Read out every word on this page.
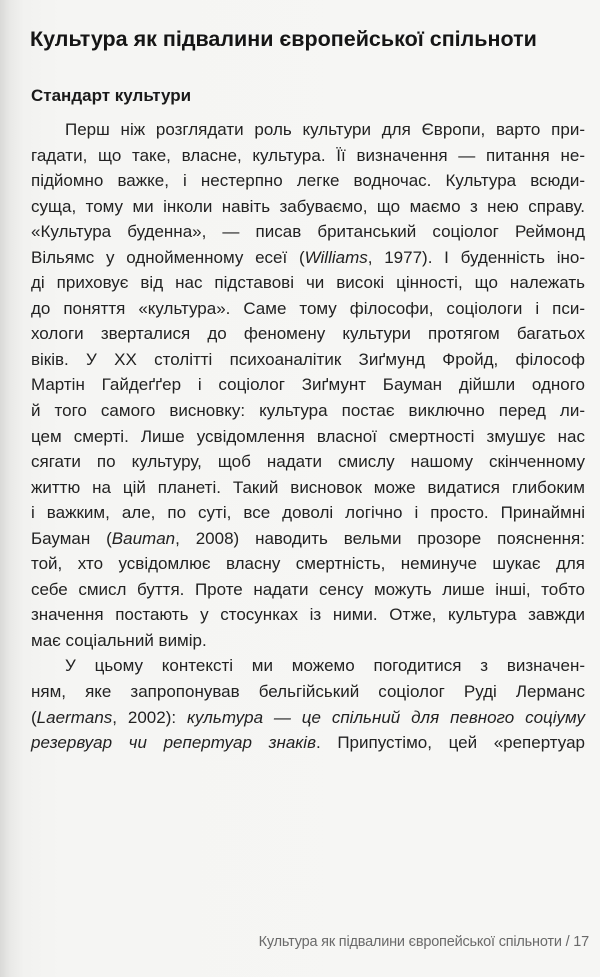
Культура як підвалини європейської спільноти
Стандарт культури
Перш ніж розглядати роль культури для Європи, варто при-
гадати, що таке, власне, культура. Її визначення — питання не-
підйомно важке, і нестерпно легке водночас. Культура всюди-
суща, тому ми інколи навіть забуваємо, що маємо з нею справу.
«Культура буденна», — писав британський соціолог Реймонд
Вільямс у однойменному есеї (Williams, 1977). І буденність іно-
ді приховує від нас підставові чи високі цінності, що належать
до поняття «культура». Саме тому філософи, соціологи і пси-
хологи зверталися до феномену культури протягом багатьох
віків. У XX столітті психоаналітик Зиґмунд Фройд, філософ
Мартін Гайдеґґер і соціолог Зиґмунт Бауман дійшли одного
й того самого висновку: культура постає виключно перед ли-
цем смерті. Лише усвідомлення власної смертності змушує нас
сягати по культуру, щоб надати смислу нашому скінченному
життю на цій планеті. Такий висновок може видатися глибоким
і важким, але, по суті, все доволі логічно і просто. Принаймні
Бауман (Bauman, 2008) наводить вельми прозоре пояснення:
той, хто усвідомлює власну смертність, неминуче шукає для
себе смисл буття. Проте надати сенсу можуть лише інші, тобто
значення постають у стосунках із ними. Отже, культура завжди
має соціальний вимір.
У цьому контексті ми можемо погодитися з визначен-
ням, яке запропонував бельгійський соціолог Руді Лерманс
(Laermans, 2002): культура — це спільний для певного соціуму
резервуар чи репертуар знаків. Припустімо, цей «репертуар
Культура як підвалини європейської спільноти / 17
